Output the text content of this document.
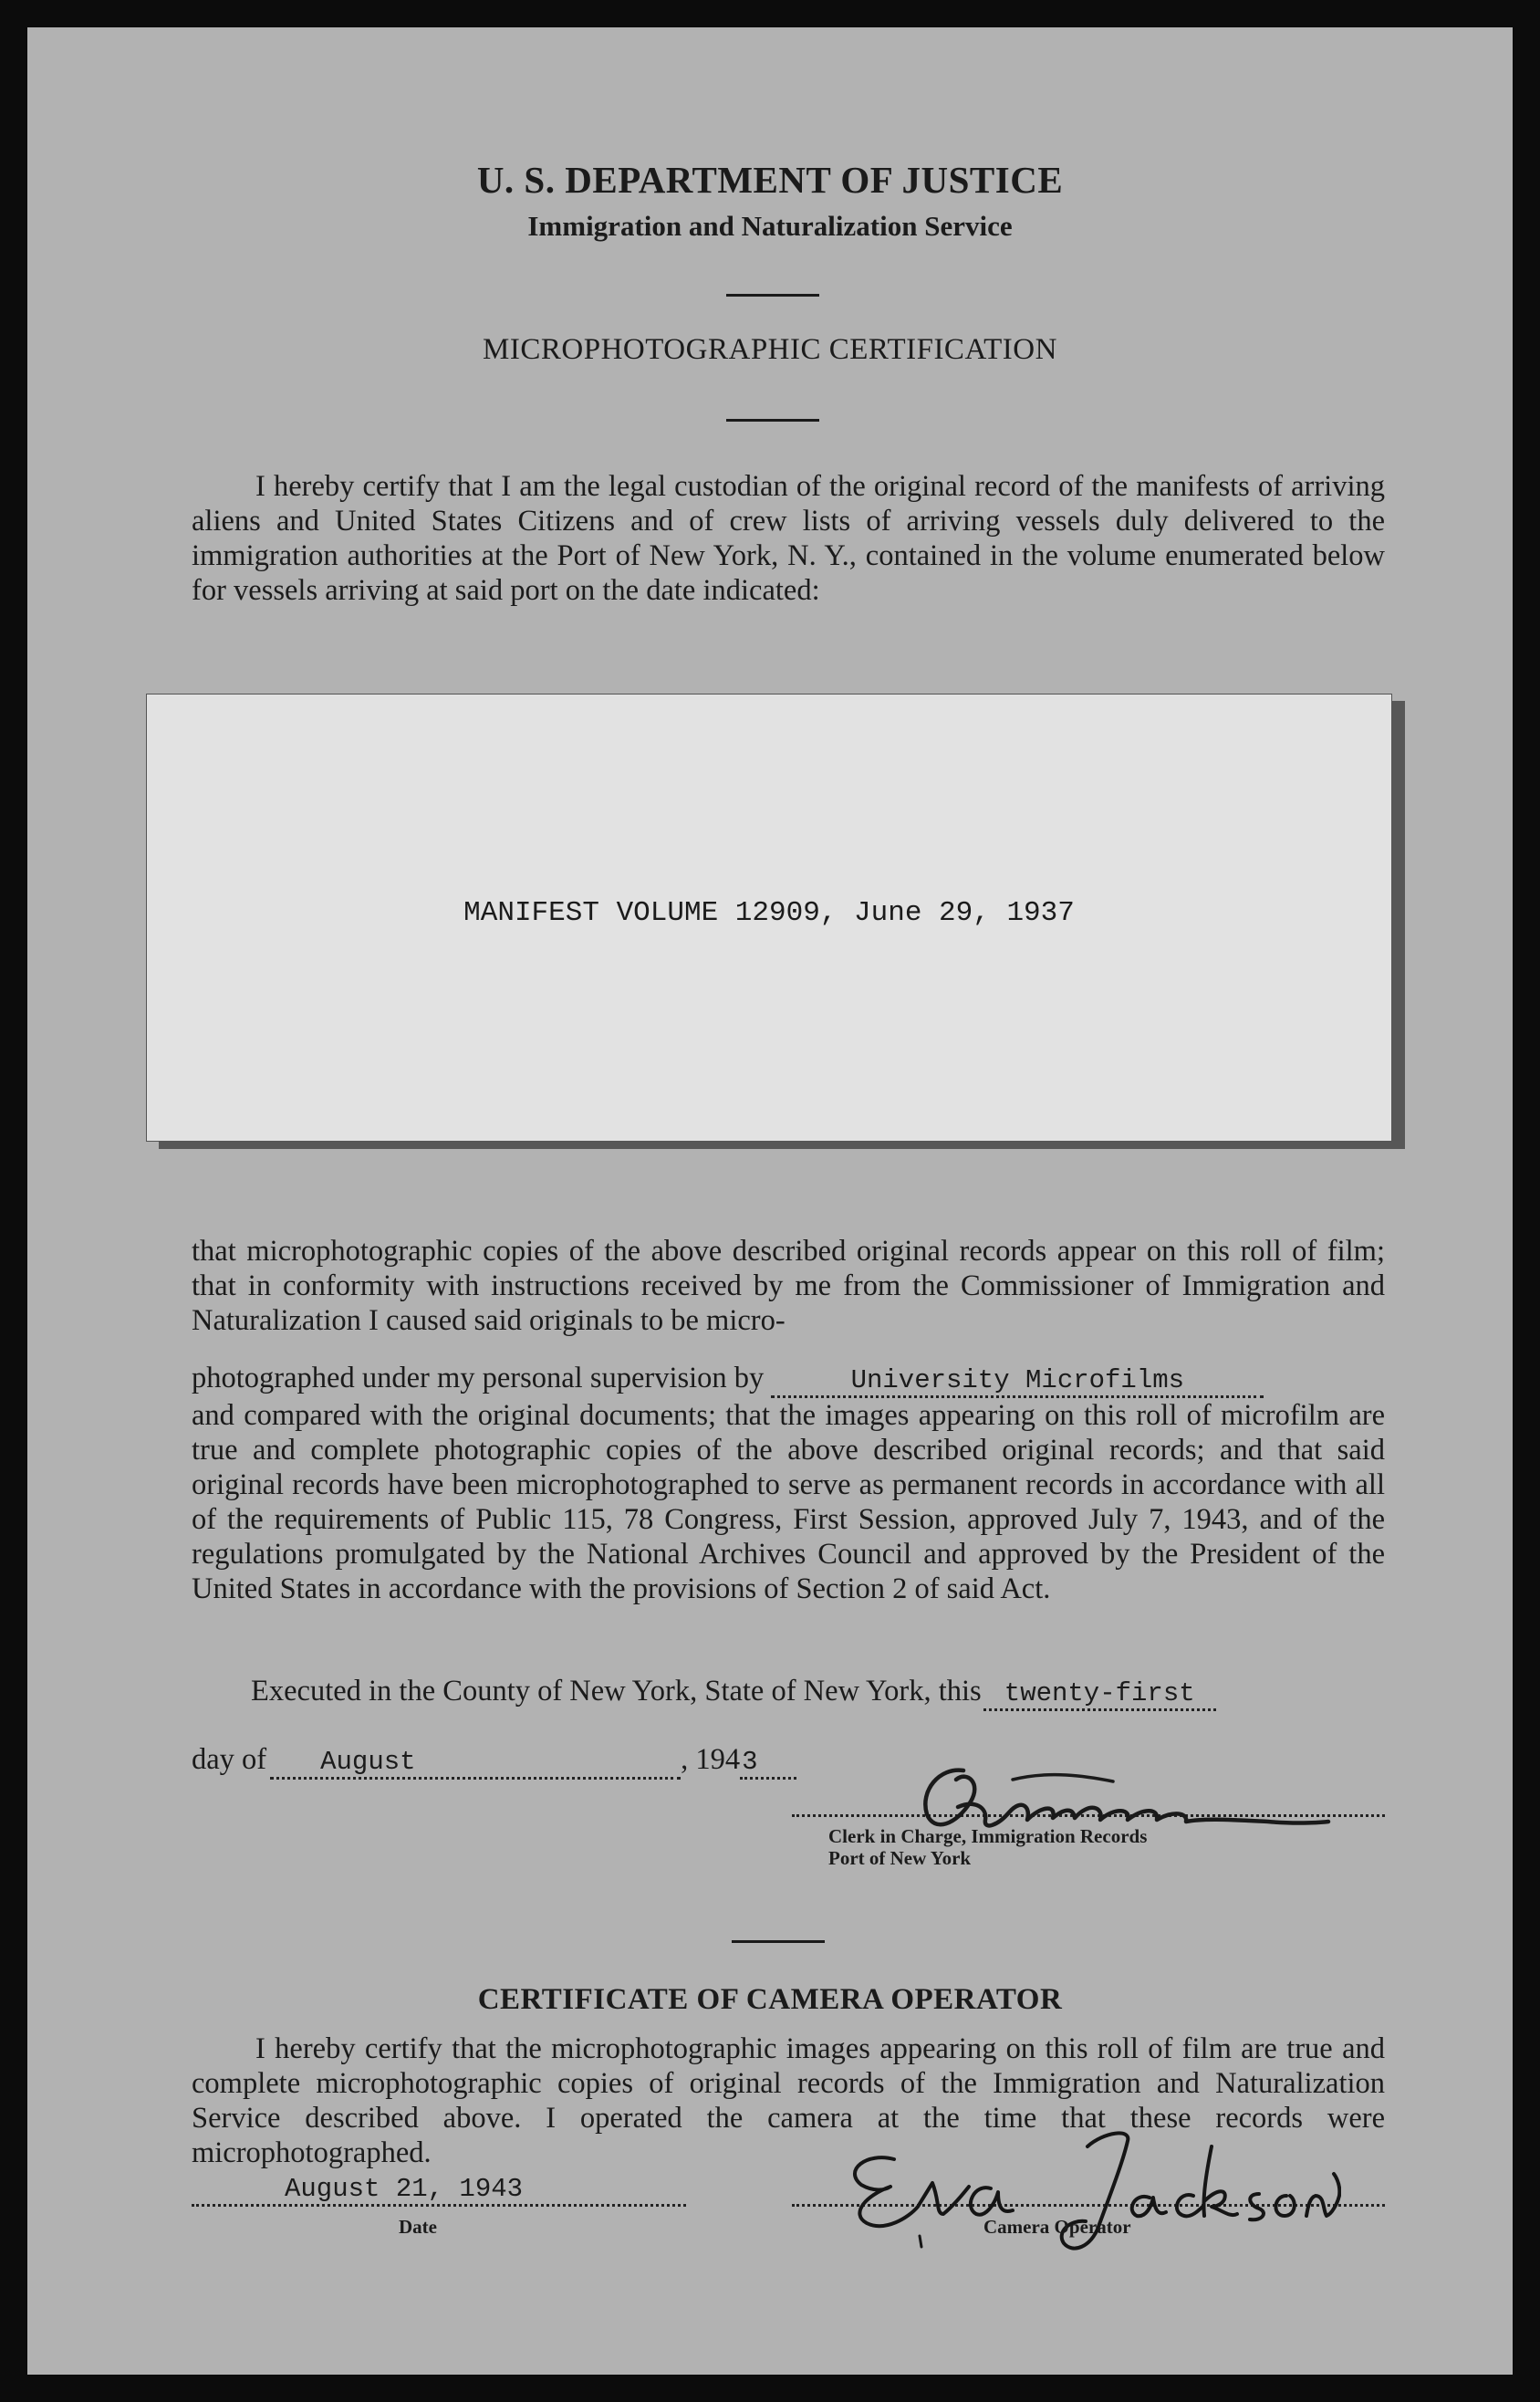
U. S. DEPARTMENT OF JUSTICE
Immigration and Naturalization Service
MICROPHOTOGRAPHIC CERTIFICATION
I hereby certify that I am the legal custodian of the original record of the manifests of arriving aliens and United States Citizens and of crew lists of arriving vessels duly delivered to the immigration authorities at the Port of New York, N. Y., contained in the volume enumerated below for vessels arriving at said port on the date indicated:
MANIFEST VOLUME 12909, June 29, 1937
that microphotographic copies of the above described original records appear on this roll of film; that in conformity with instructions received by me from the Commissioner of Immigration and Naturalization I caused said originals to be micro-
photographed under my personal supervision by	University Microfilms

and compared with the original documents; that the images appearing on this roll of microfilm are true and complete photographic copies of the above described original records; and that said original records have been microphotographed to serve as permanent records in accordance with all of the requirements of Public 115, 78 Congress, First Session, approved July 7, 1943, and of the regulations promulgated by the National Archives Council and approved by the President of the United States in accordance with the provisions of Section 2 of said Act.
Executed in the County of New York, State of New York, this twenty-first

day of	August	, 194 3

Clerk in Charge, Immigration Records
Port of New York
CERTIFICATE OF CAMERA OPERATOR
I hereby certify that the microphotographic images appearing on this roll of film are true and complete microphotographic copies of original records of the Immigration and Naturalization Service described above. I operated the camera at the time that these records were microphotographed.
August 21, 1943
Date	Camera Operator
